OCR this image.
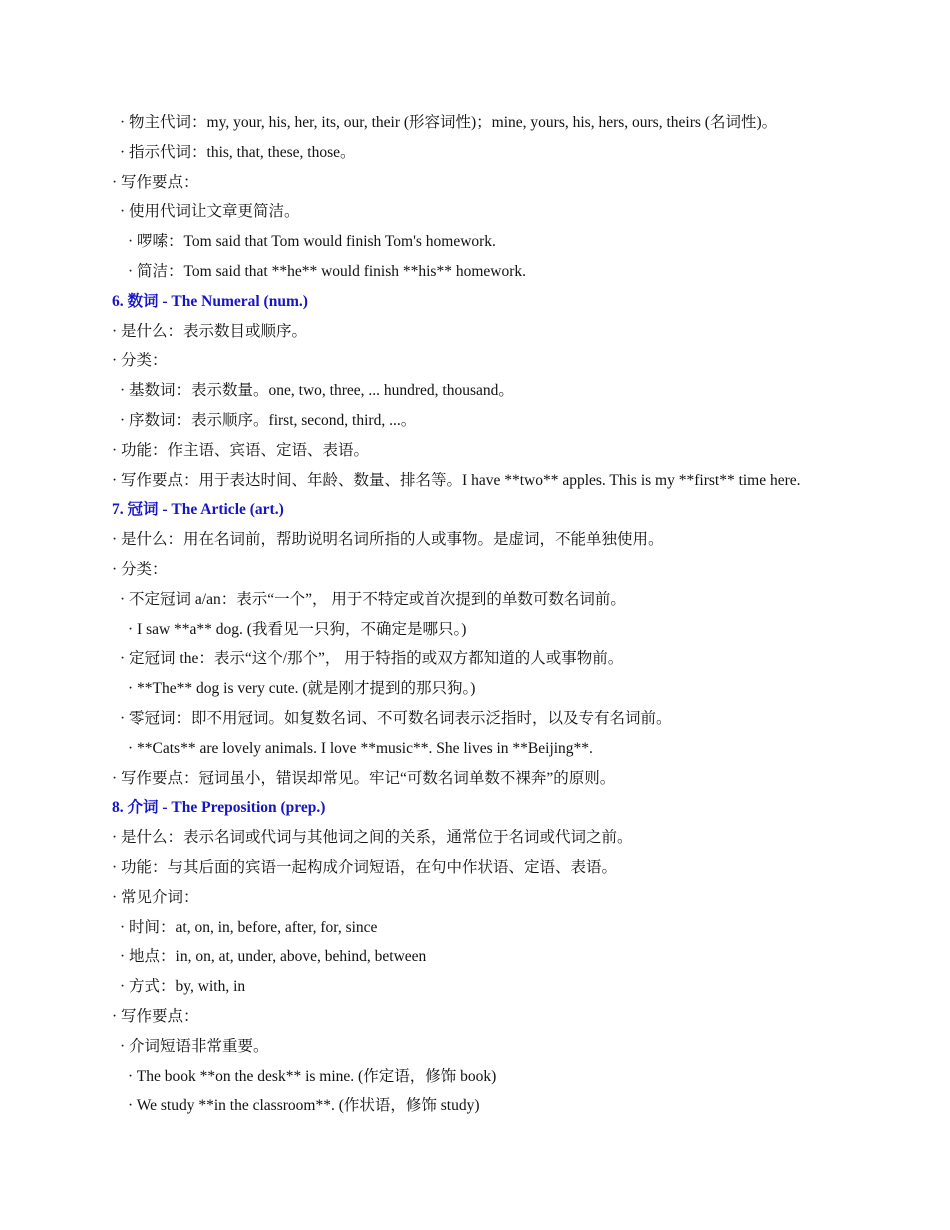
· 物主代词：my, your, his, her, its, our, their (形容词性)；mine, yours, his, hers, ours, theirs (名词性)。
· 指示代词：this, that, these, those。
· 写作要点：
· 使用代词让文章更简洁。
· 啰嗦：Tom said that Tom would finish Tom's homework.
· 简洁：Tom said that **he** would finish **his** homework.
6. 数词 - The Numeral (num.)
· 是什么：表示数目或顺序。
· 分类：
· 基数词：表示数量。one, two, three, ... hundred, thousand。
· 序数词：表示顺序。first, second, third, ...。
· 功能：作主语、宾语、定语、表语。
· 写作要点：用于表达时间、年龄、数量、排名等。I have **two** apples. This is my **first** time here.
7. 冠词 - The Article (art.)
· 是什么：用在名词前，帮助说明名词所指的人或事物。是虚词，不能单独使用。
· 分类：
· 不定冠词 a/an：表示“一个”， 用于不特定或首次提到的单数可数名词前。
· I saw **a** dog. (我看见一只狗，不确定是哪只。)
· 定冠词 the：表示“这个/那个”， 用于特指的或双方都知道的人或事物前。
· **The** dog is very cute. (就是刚才提到的那只狗。)
· 零冠词：即不用冠词。如复数名词、不可数名词表示泛指时，以及专有名词前。
· **Cats** are lovely animals. I love **music**. She lives in **Beijing**.
· 写作要点：冠词虽小，错误却常见。牢记“可数名词单数不裸奔”的原则。
8. 介词 - The Preposition (prep.)
· 是什么：表示名词或代词与其他词之间的关系，通常位于名词或代词之前。
· 功能：与其后面的宾语一起构成介词短语，在句中作状语、定语、表语。
· 常见介词：
· 时间：at, on, in, before, after, for, since
· 地点：in, on, at, under, above, behind, between
· 方式：by, with, in
· 写作要点：
· 介词短语非常重要。
· The book **on the desk** is mine. (作定语，修饰 book)
· We study **in the classroom**. (作状语，修饰 study)
